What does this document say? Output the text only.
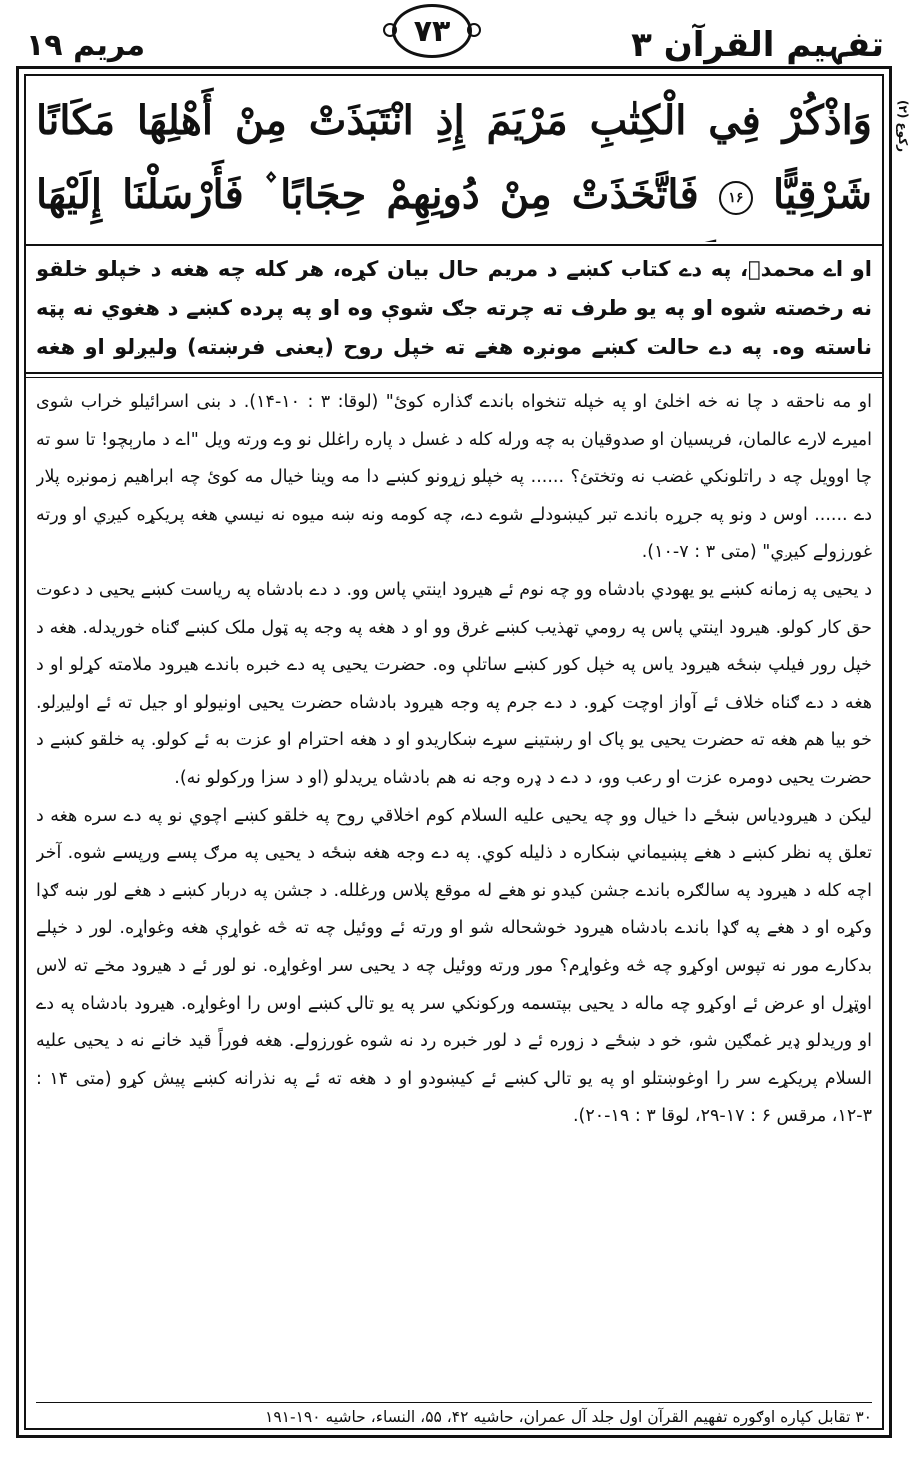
مریم ۱۹	۷۳	تفہیم القرآن ۳
رکوع (۲)
وَاذْكُرْ فِي الْكِتٰبِ مَرْيَمَ إِذِ انْتَبَذَتْ مِنْ أَهْلِهَا مَكَانًا شَرْقِيًّا ۱۶ فَاتَّخَذَتْ مِنْ دُونِهِمْ حِجَابًا ۫ فَأَرْسَلْنَا إِلَيْهَا
او اے محمدؐ، په دے کتاب کښے د مریم حال بیان کړه، هر کله چه هغه د خپلو خلقو نه رخصته شوه او په یو طرف ته چرته جګ شوې وه او په پرده کښے د هغوي نه پټه ناسته وه. په دے حالت کښے مونږه هغے ته خپل روح (یعنی فرښته) ولیږلو او هغه

او مه ناحقه د چا نه خه اخلئ او په خپله تنخواه باندے ګذاره کوئ" (لوقا: ۳ : ۱۰-۱۴). د بنی اسرائیلو خراب شوی امیرے لارے عالمان، فریسیان او صدوقیان به چه ورله کله د غسل د پاره راغلل نو وے ورته ویل "اے د مارېچو! تا سو ته چا اوویل چه د راتلونکي غضب نه وتختئ؟ ...... په خپلو زړونو کښے دا مه وینا خیال مه کوئ چه ابراهیم زمونږه پلار دے ...... اوس د ونو په جرړه باندے تبر کیښودلے شوے دے، چه کومه ونه ښه میوه نه نیسي هغه پریکړه کیږي او ورته غورزولے کیږي" (متی ۳ : ۷-۱۰).

د یحیی په زمانه کښے یو یهودي بادشاه وو چه نوم ئے هیرود اینتي پاس وو. د دے بادشاه په ریاست کښے یحیی د دعوت حق کار کولو. هیرود اینتي پاس په رومي تهذیب کښے غرق وو او د هغه په وجه په ټول ملک کښے ګناه خوریدله. هغه د خپل رور فیلپ ښځه هیرود یاس په خپل کور کښے ساتلې وه. حضرت یحیی په دے خبره باندے هیرود ملامته کړلو او د هغه د دے ګناه خلاف ئے آواز اوچت کړو. د دے جرم په وجه هیرود بادشاه حضرت یحیی اونیولو او جیل ته ئے اولیږلو. خو بیا هم هغه ته حضرت یحیی یو پاک او رښتینے سړے ښکاریدو او د هغه احترام او عزت به ئے کولو. په خلقو کښے د حضرت یحیی دومره عزت او رعب وو، د دے د ډره وجه نه هم بادشاه یریدلو (او د سزا ورکولو نه).

لیکن د هیرودیاس ښځے دا خیال وو چه یحیی علیه السلام کوم اخلاقي روح په خلقو کښے اچوي نو په دے سره هغه د تعلق په نظر کښے د هغے پښیماني ښکاره د ذلیله کوي. په دے وجه هغه ښځه د یحیی په مرګ پسے ورپسے شوه. آخر اچه کله د هیرود په سالګره باندے جشن کیدو نو هغے له موقع پلاس ورغلله. د جشن په دربار کښے د هغے لور ښه ګډا وکړه او د هغے په ګډا باندے بادشاه هیرود خوشحاله شو او ورته ئے ووئیل چه ته څه غواړې هغه وغواړه. لور د خپلے بدکارے مور نه تپوس اوکړو چه څه وغواړم؟ مور ورته ووئیل چه د یحیی سر اوغواړه. نو لور ئے د هیرود مخے ته لاس اوټړل او عرض ئے اوکړو چه ماله د یحیی بپتسمه ورکونکي سر په یو تالۍ کښے اوس را اوغواړه. هیرود بادشاه په دے او وریدلو ډیر غمګین شو، خو د ښځے د زوره ئے د لور خبره رد نه شوه غورزولے. هغه فوراً قید خانے نه د یحیی علیه السلام پریکړے سر را اوغوښتلو او په یو تالۍ کښے ئے کیښودو او د هغه ته ئے په نذرانه کښے پیش کړو (متی ۱۴ : ۳-۱۲، مرقس ۶ : ۱۷-۲۹، لوقا ۳ : ۱۹-۲۰).

۳۰ تقابل کپاره اوګوره تفهیم القرآن اول جلد آل عمران، حاشیه ۴۲، ۵۵، النساء، حاشیه ۱۹۰-۱۹۱
